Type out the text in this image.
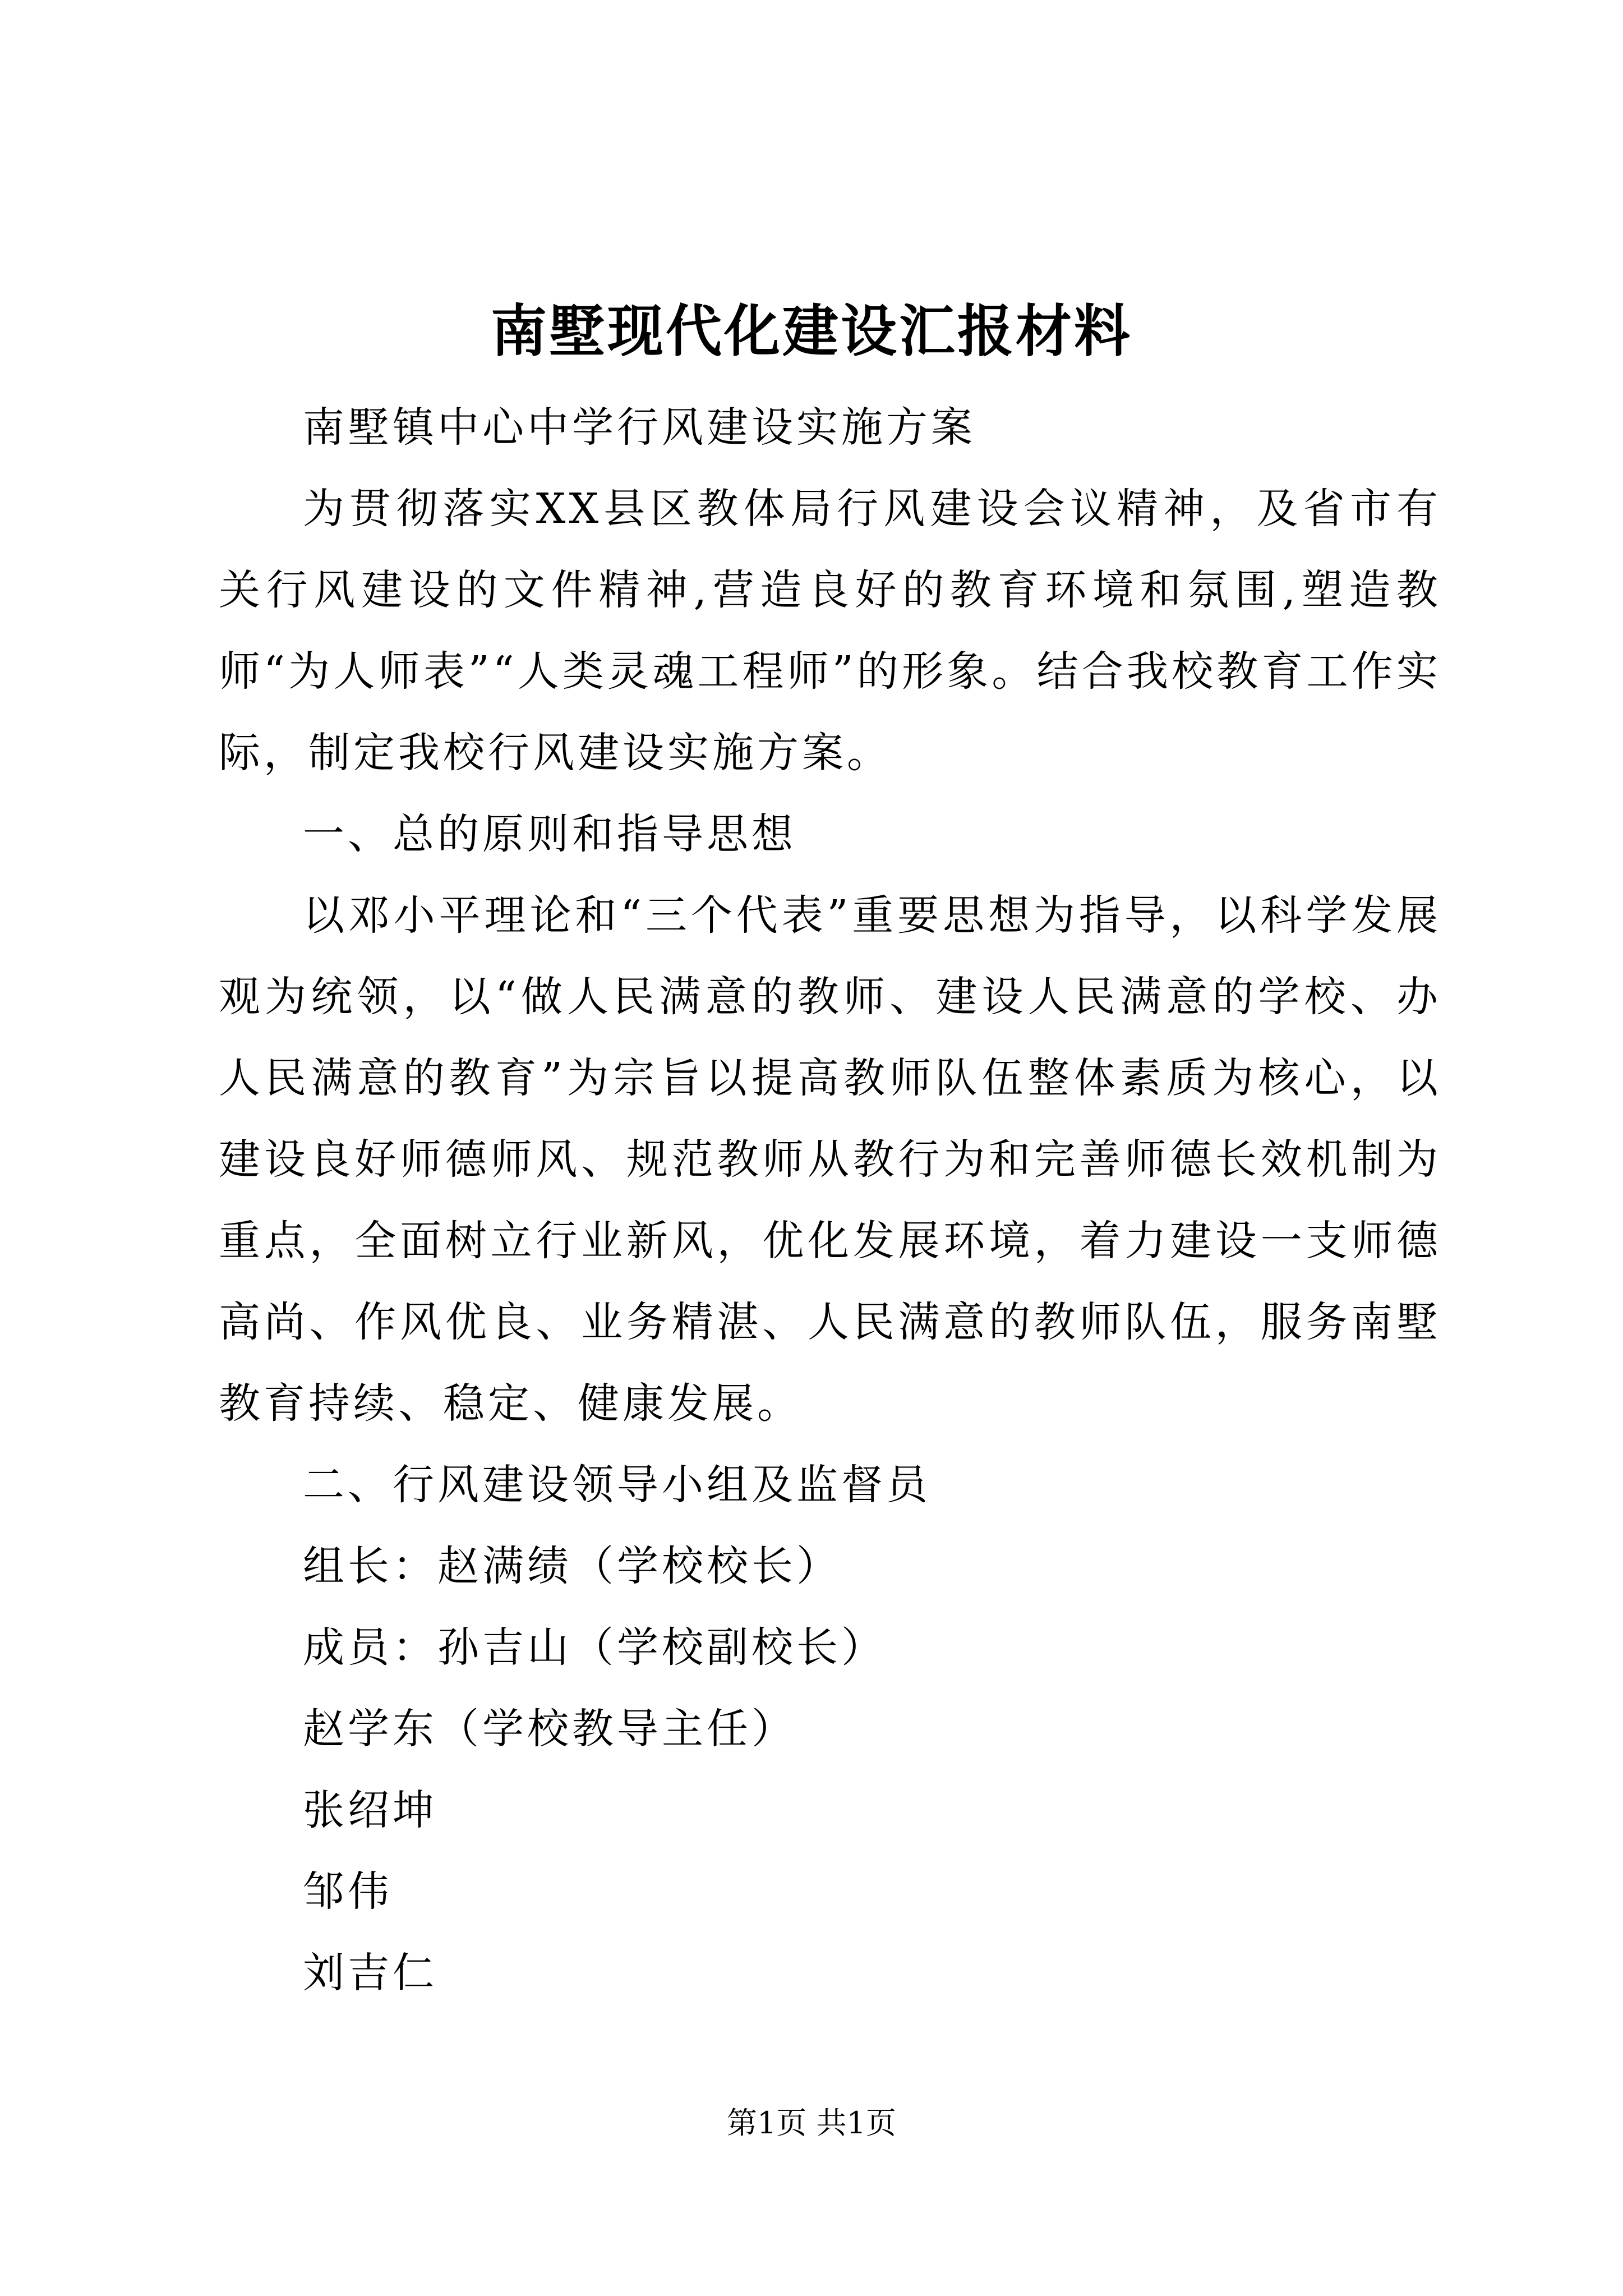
南墅现代化建设汇报材料

南墅镇中心中学行风建设实施方案

为贯彻落实XX县区教体局行风建设会议精神，及省市有关行风建设的文件精神,营造良好的教育环境和氛围,塑造教师“为人师表”“人类灵魂工程师”的形象。结合我校教育工作实际，制定我校行风建设实施方案。

一、总的原则和指导思想

以邓小平理论和“三个代表”重要思想为指导，以科学发展观为统领，以“做人民满意的教师、建设人民满意的学校、办人民满意的教育”为宗旨以提高教师队伍整体素质为核心，以建设良好师德师风、规范教师从教行为和完善师德长效机制为重点，全面树立行业新风，优化发展环境，着力建设一支师德高尚、作风优良、业务精湛、人民满意的教师队伍，服务南墅教育持续、稳定、健康发展。

二、行风建设领导小组及监督员

组长：赵满绩（学校校长）

成员：孙吉山（学校副校长）

赵学东（学校教导主任）

张绍坤

邹伟

刘吉仁

第1页 共1页
